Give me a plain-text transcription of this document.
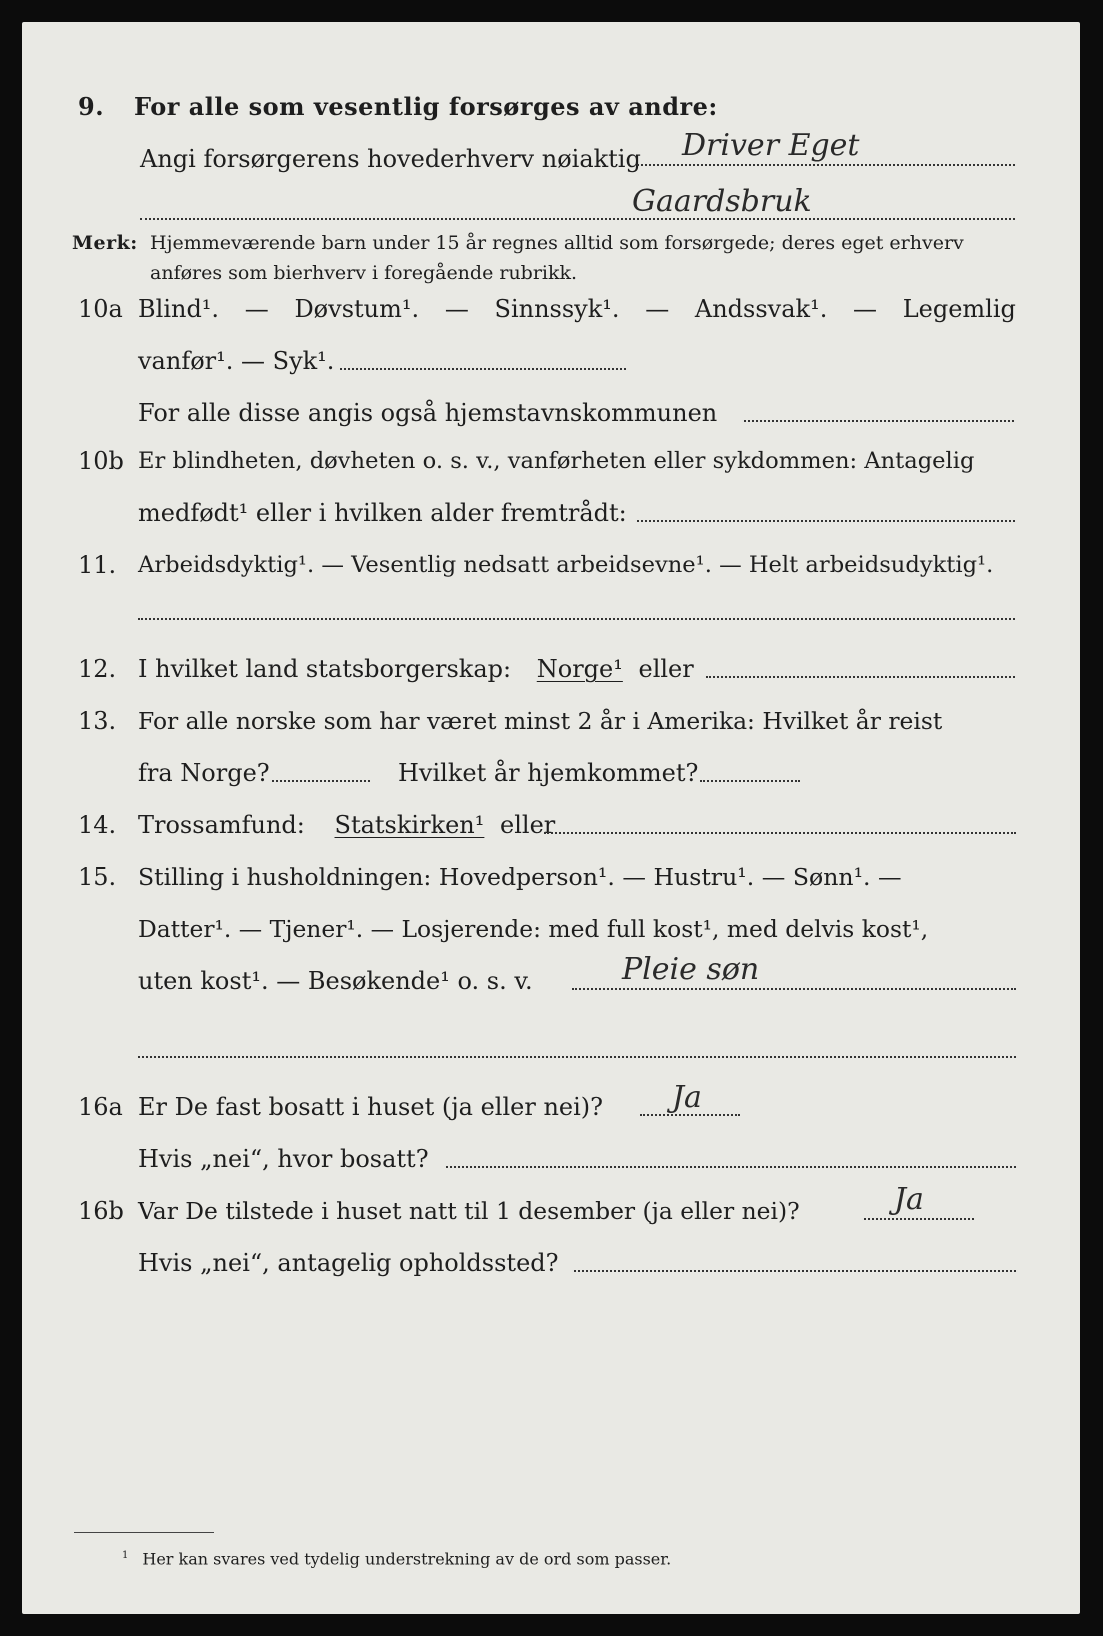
9. For alle som vesentlig forsørges av andre:
Angi forsørgerens hovederhverv nøiaktig Driver Eget
Gaardsbruk
Merk: Hjemmeværende barn under 15 år regnes alltid som forsørgede; deres eget erhverv
anføres som bierhverv i foregående rubrikk.
10a Blind¹. — Døvstum¹. — Sinnssyk¹. — Andssvak¹. — Legemlig
vanfør¹. — Syk¹.
For alle disse angis også hjemstavnskommunen
10b Er blindheten, døvheten o. s. v., vanførheten eller sykdommen: Antagelig
medfødt¹ eller i hvilken alder fremtrådt:
11. Arbeidsdyktig¹. — Vesentlig nedsatt arbeidsevne¹. — Helt arbeidsudyktig¹.
12. I hvilket land statsborgerskap: Norge¹ eller
13. For alle norske som har været minst 2 år i Amerika: Hvilket år reist
fra Norge?	Hvilket år hjemkommet?
14. Trossamfund: Statskirken¹ eller
15. Stilling i husholdningen: Hovedperson¹. — Hustru¹. — Sønn¹. —
Datter¹. — Tjener¹. — Losjerende: med full kost¹, med delvis kost¹,
uten kost¹. — Besøkende¹ o. s. v.	Pleie søn
16a Er De fast bosatt i huset (ja eller nei)? Ja
Hvis „nei“, hvor bosatt?
16b Var De tilstede i huset natt til 1 desember (ja eller nei)?	Ja
Hvis „nei“, antagelig opholdssted?
$^1$ Her kan svares ved tydelig understrekning av de ord som passer.
